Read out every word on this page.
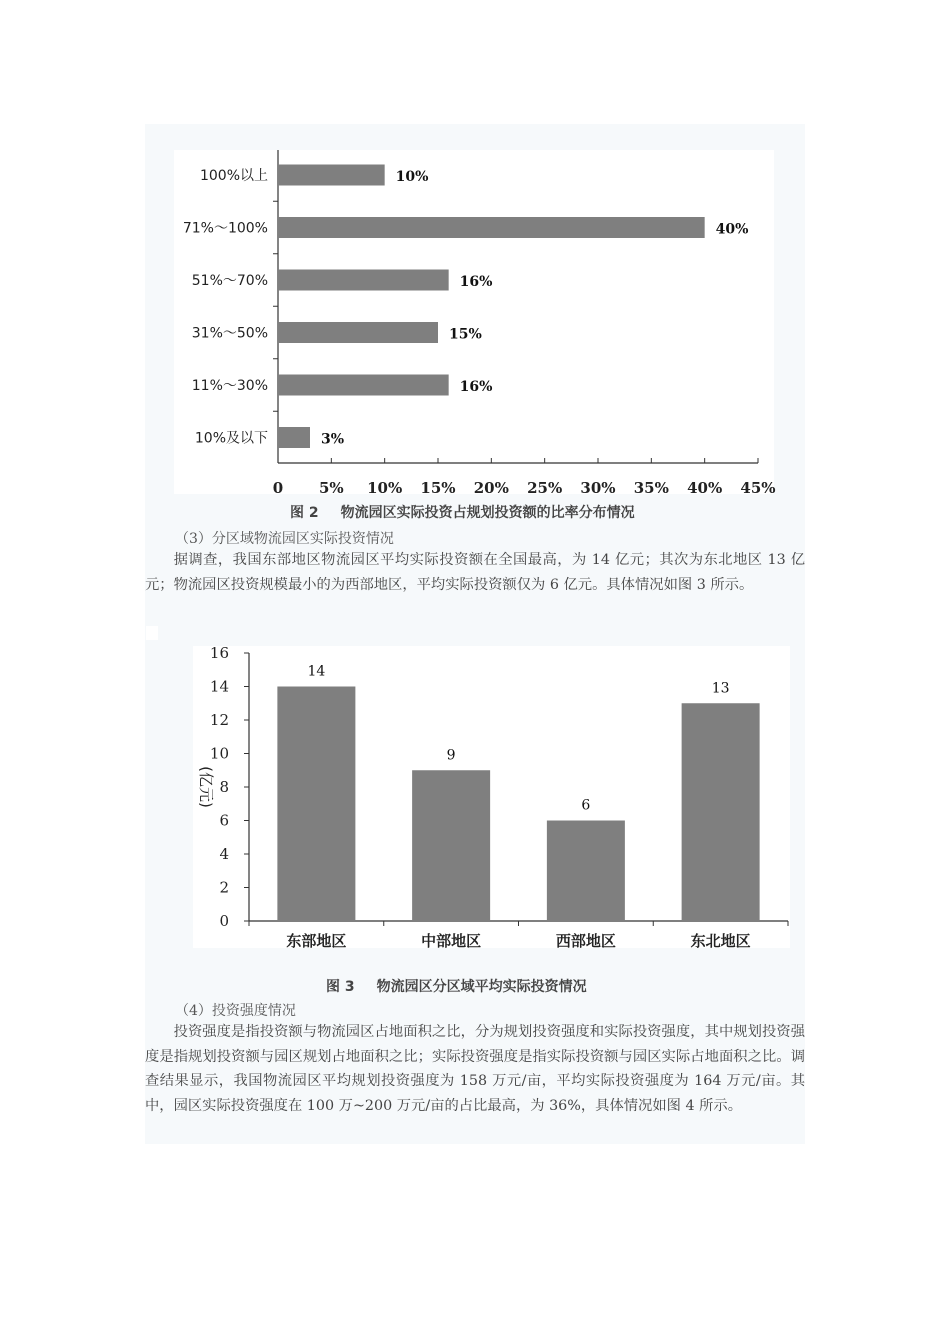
0 5% 10% 15% 20% 25% 30% 35% 40% 45%
100%以上	10%
71%～100%	40%
51%～70%	16%
31%～50%	15%
11%～30%	16%
10%及以下	3%
图 2 物流园区实际投资占规划投资额的比率分布情况
（3）分区域物流园区实际投资情况

据调查，我国东部地区物流园区平均实际投资额在全国最高，为 14 亿元；其次为东北地区 13 亿元；物流园区投资规模最小的为西部地区，平均实际投资额仅为 6 亿元。具体情况如图 3 所示。

0
2
4
6
8
10
12
14
16
(亿元)
14
东部地区
9
中部地区
6
西部地区
13
东北地区
图 3 物流园区分区域平均实际投资情况
（4）投资强度情况

投资强度是指投资额与物流园区占地面积之比，分为规划投资强度和实际投资强度，其中规划投资强度是指规划投资额与园区规划占地面积之比；实际投资强度是指实际投资额与园区实际占地面积之比。调查结果显示，我国物流园区平均规划投资强度为 158 万元/亩，平均实际投资强度为 164 万元/亩。其中，园区实际投资强度在 100 万~200 万元/亩的占比最高，为 36%，具体情况如图 4 所示。
